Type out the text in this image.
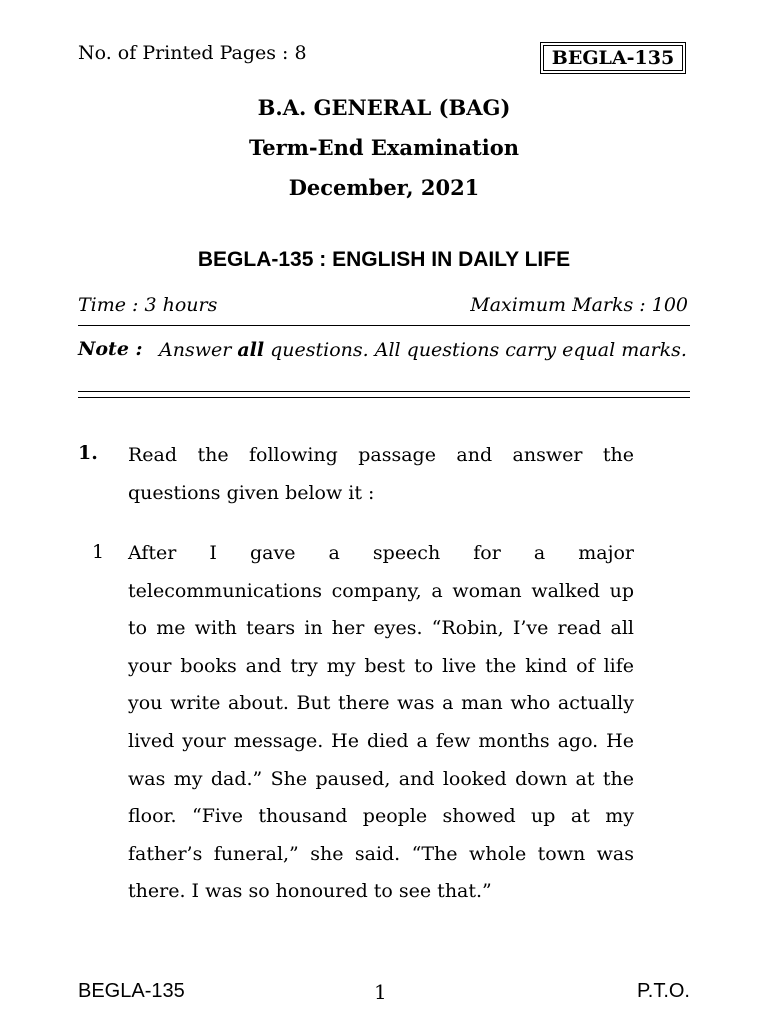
No. of Printed Pages : 8	BEGLA-135
B.A. GENERAL (BAG)
Term-End Examination
December, 2021
BEGLA-135 : ENGLISH IN DAILY LIFE
Time : 3 hours	Maximum Marks : 100
Note : Answer all questions. All questions carry equal marks.
1. Read the following passage and answer the questions given below it :
1 After I gave a speech for a major telecommunications company, a woman walked up to me with tears in her eyes. “Robin, I’ve read all your books and try my best to live the kind of life you write about. But there was a man who actually lived your message. He died a few months ago. He was my dad.” She paused, and looked down at the floor. “Five thousand people showed up at my father’s funeral,” she said. “The whole town was there. I was so honoured to see that.”
BEGLA-135	1	P.T.O.
